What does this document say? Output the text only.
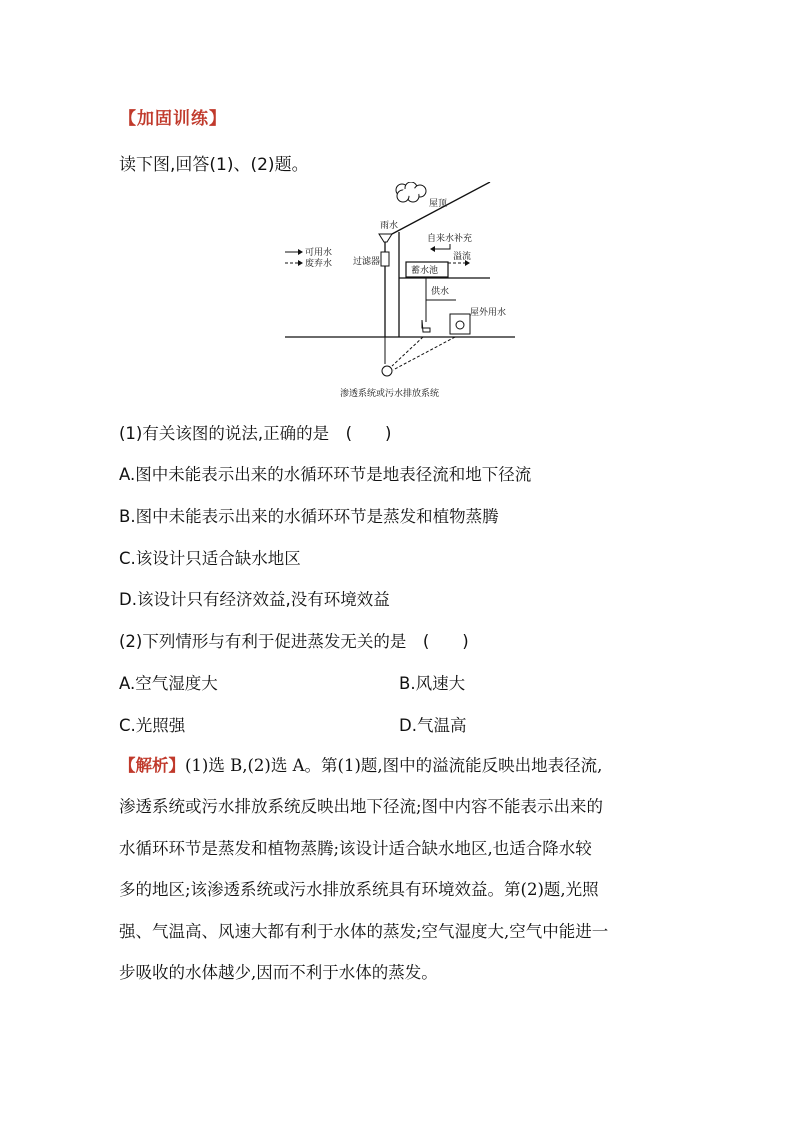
【加固训练】
读下图,回答(1)、(2)题。
屋顶
雨水
过滤器
自来水补充
溢流
蓄水池
供水
屋外用水
渗透系统或污水排放系统
可用水
废弃水
(1)有关该图的说法,正确的是　(　　)
A.图中未能表示出来的水循环环节是地表径流和地下径流
B.图中未能表示出来的水循环环节是蒸发和植物蒸腾
C.该设计只适合缺水地区
D.该设计只有经济效益,没有环境效益
(2)下列情形与有利于促进蒸发无关的是　(　　)
A.空气湿度大	B.风速大
C.光照强	D.气温高
【解析】(1)选 B,(2)选 A。第(1)题,图中的溢流能反映出地表径流,
渗透系统或污水排放系统反映出地下径流;图中内容不能表示出来的
水循环环节是蒸发和植物蒸腾;该设计适合缺水地区,也适合降水较
多的地区;该渗透系统或污水排放系统具有环境效益。第(2)题,光照
强、气温高、风速大都有利于水体的蒸发;空气湿度大,空气中能进一
步吸收的水体越少,因而不利于水体的蒸发。
